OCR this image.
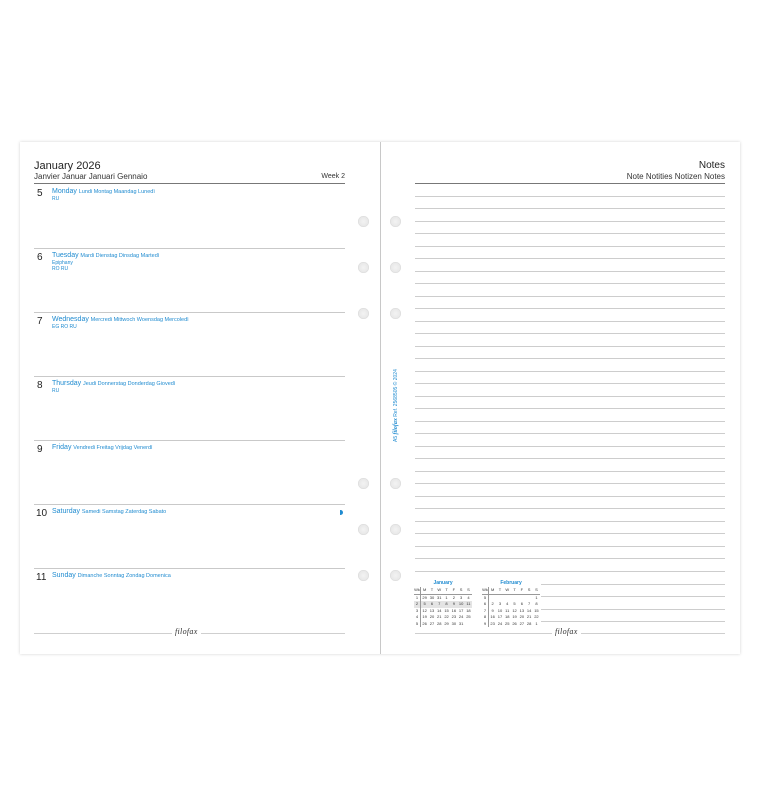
January 2026
Janvier Januar Januari Gennaio	Week 2
5 Monday Lundi Montag Maandag Lunedì
RU
6 Tuesday Mardi Dienstag Dinsdag Martedì
Epiphany
RO RU
7 Wednesday Mercredi Mittwoch Woensdag Mercoledì
EG RO RU
8 Thursday Jeudi Donnerstag Donderdag Giovedì
RU
9 Friday Vendredi Freitag Vrijdag Venerdì
10 Saturday Samedi Samstag Zaterdag Sabato
11 Sunday Dimanche Sonntag Zondag Domenica
filofax
Notes
Note Notities Notizen Notes
A5 filofax Ref. 2568505 © 2024
January
Wk	M	T	W	T	F	S	S
1	29	30	31	1	2	3	4
2	5	6	7	8	9	10	11
3	12	13	14	15	16	17	18
4	19	20	21	22	23	24	25
5	26	27	28	29	30	31	
February
Wk	M	T	W	T	F	S	S
5							1
6	2	3	4	5	6	7	8
7	9	10	11	12	13	14	15
8	16	17	18	19	20	21	22
9	23	24	25	26	27	28	1
filofax
